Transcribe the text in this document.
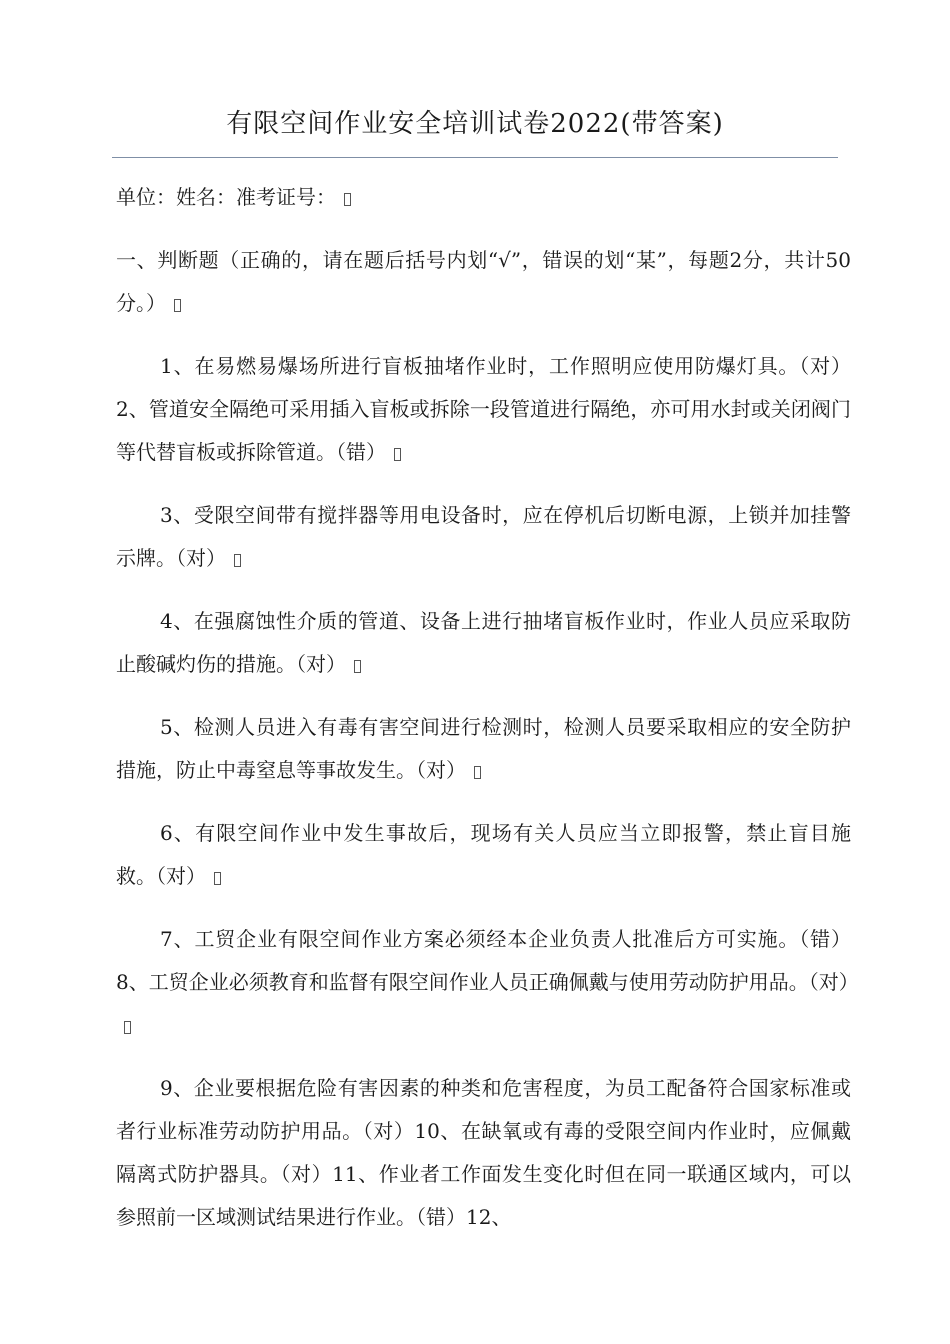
有限空间作业安全培训试卷2022(带答案)

单位：姓名：准考证号：

一、判断题（正确的，请在题后括号内划“√”，错误的划“某”，每题2分，共计50分。）

1、在易燃易爆场所进行盲板抽堵作业时，工作照明应使用防爆灯具。（对）2、管道安全隔绝可采用插入盲板或拆除一段管道进行隔绝，亦可用水封或关闭阀门等代替盲板或拆除管道。（错）

3、受限空间带有搅拌器等用电设备时，应在停机后切断电源，上锁并加挂警示牌。（对）

4、在强腐蚀性介质的管道、设备上进行抽堵盲板作业时，作业人员应采取防止酸碱灼伤的措施。（对）

5、检测人员进入有毒有害空间进行检测时，检测人员要采取相应的安全防护措施，防止中毒窒息等事故发生。（对）

6、有限空间作业中发生事故后，现场有关人员应当立即报警，禁止盲目施救。（对）

7、工贸企业有限空间作业方案必须经本企业负责人批准后方可实施。（错）8、工贸企业必须教育和监督有限空间作业人员正确佩戴与使用劳动防护用品。（对）

9、企业要根据危险有害因素的种类和危害程度，为员工配备符合国家标准或者行业标准劳动防护用品。（对）10、在缺氧或有毒的受限空间内作业时，应佩戴隔离式防护器具。（对）11、作业者工作面发生变化时但在同一联通区域内，可以参照前一区域测试结果进行作业。（错）12、
